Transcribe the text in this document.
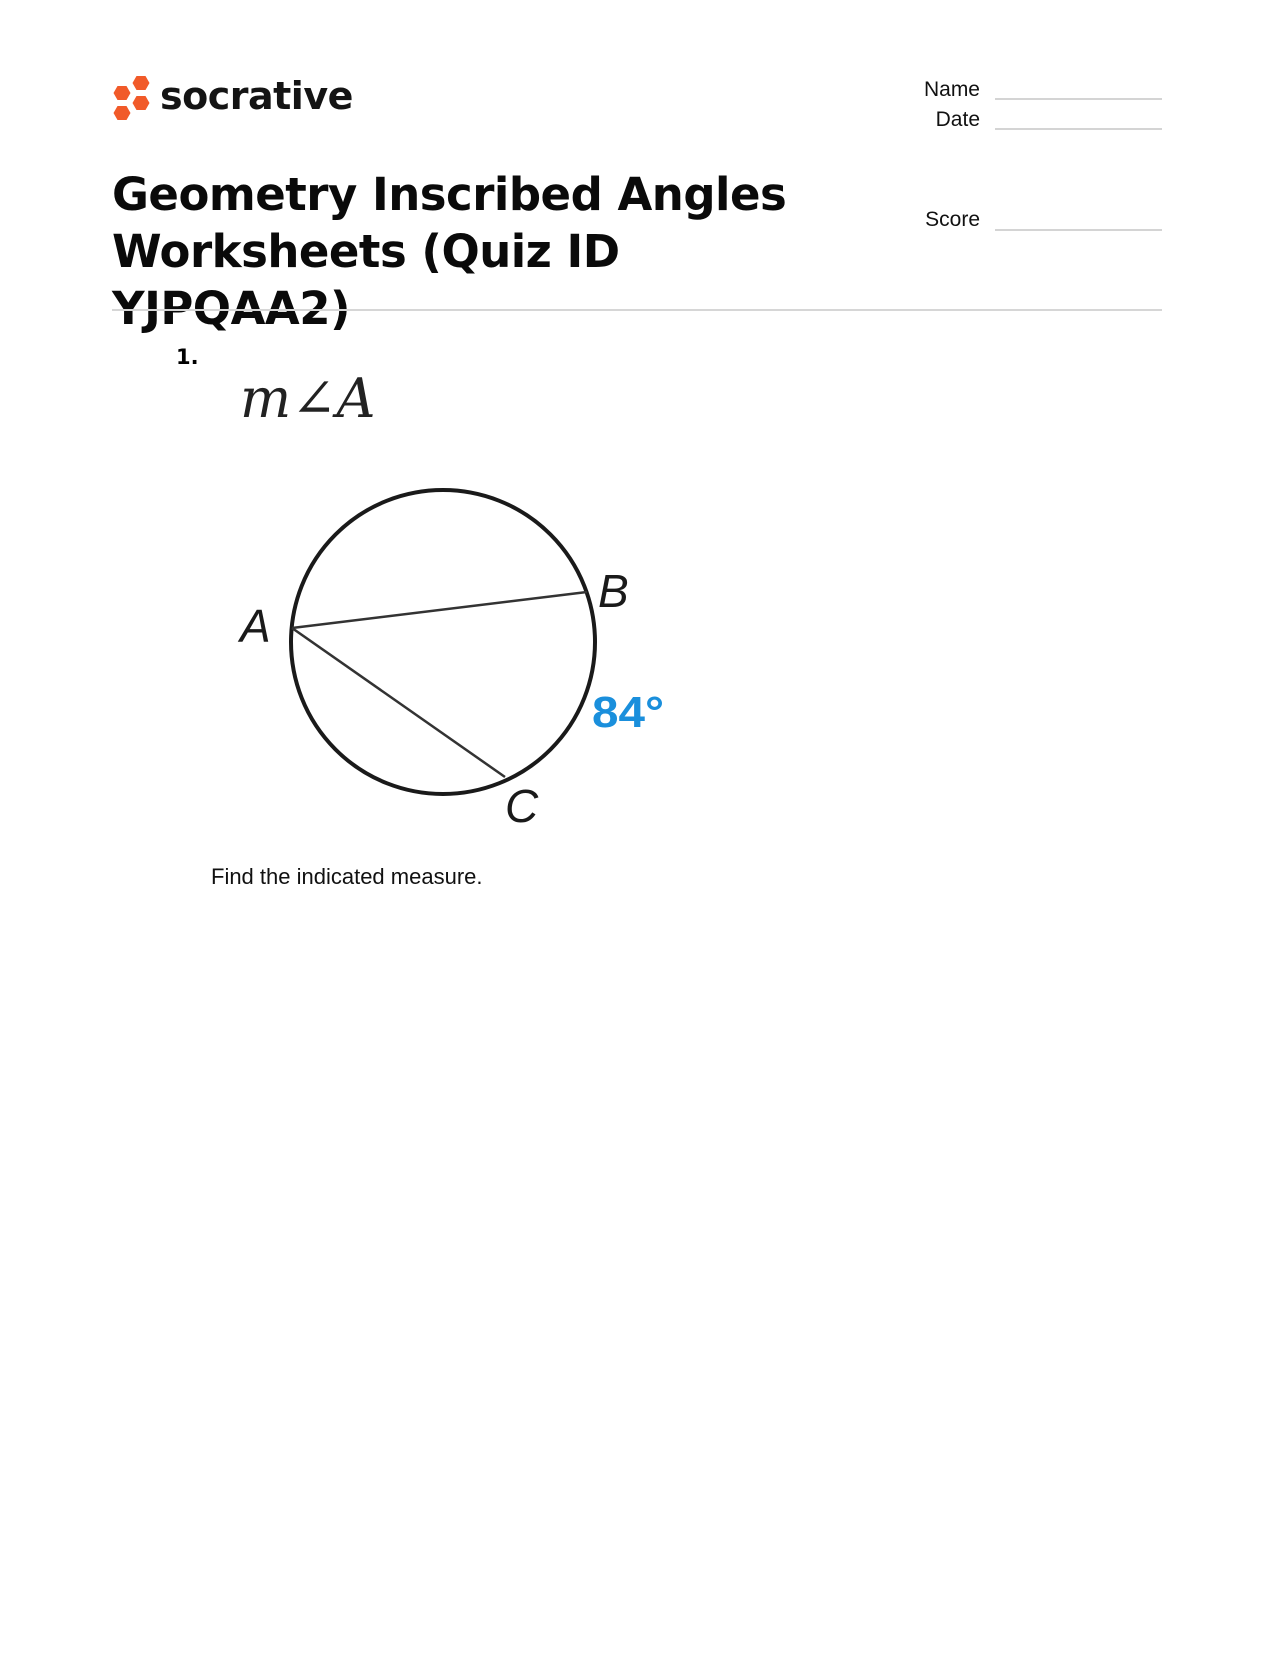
socrative	Name
Date
Score
Geometry Inscribed Angles
Worksheets (Quiz ID YJPQAA2)
1.
m∠A
A
B
C
84°
Find the indicated measure.
